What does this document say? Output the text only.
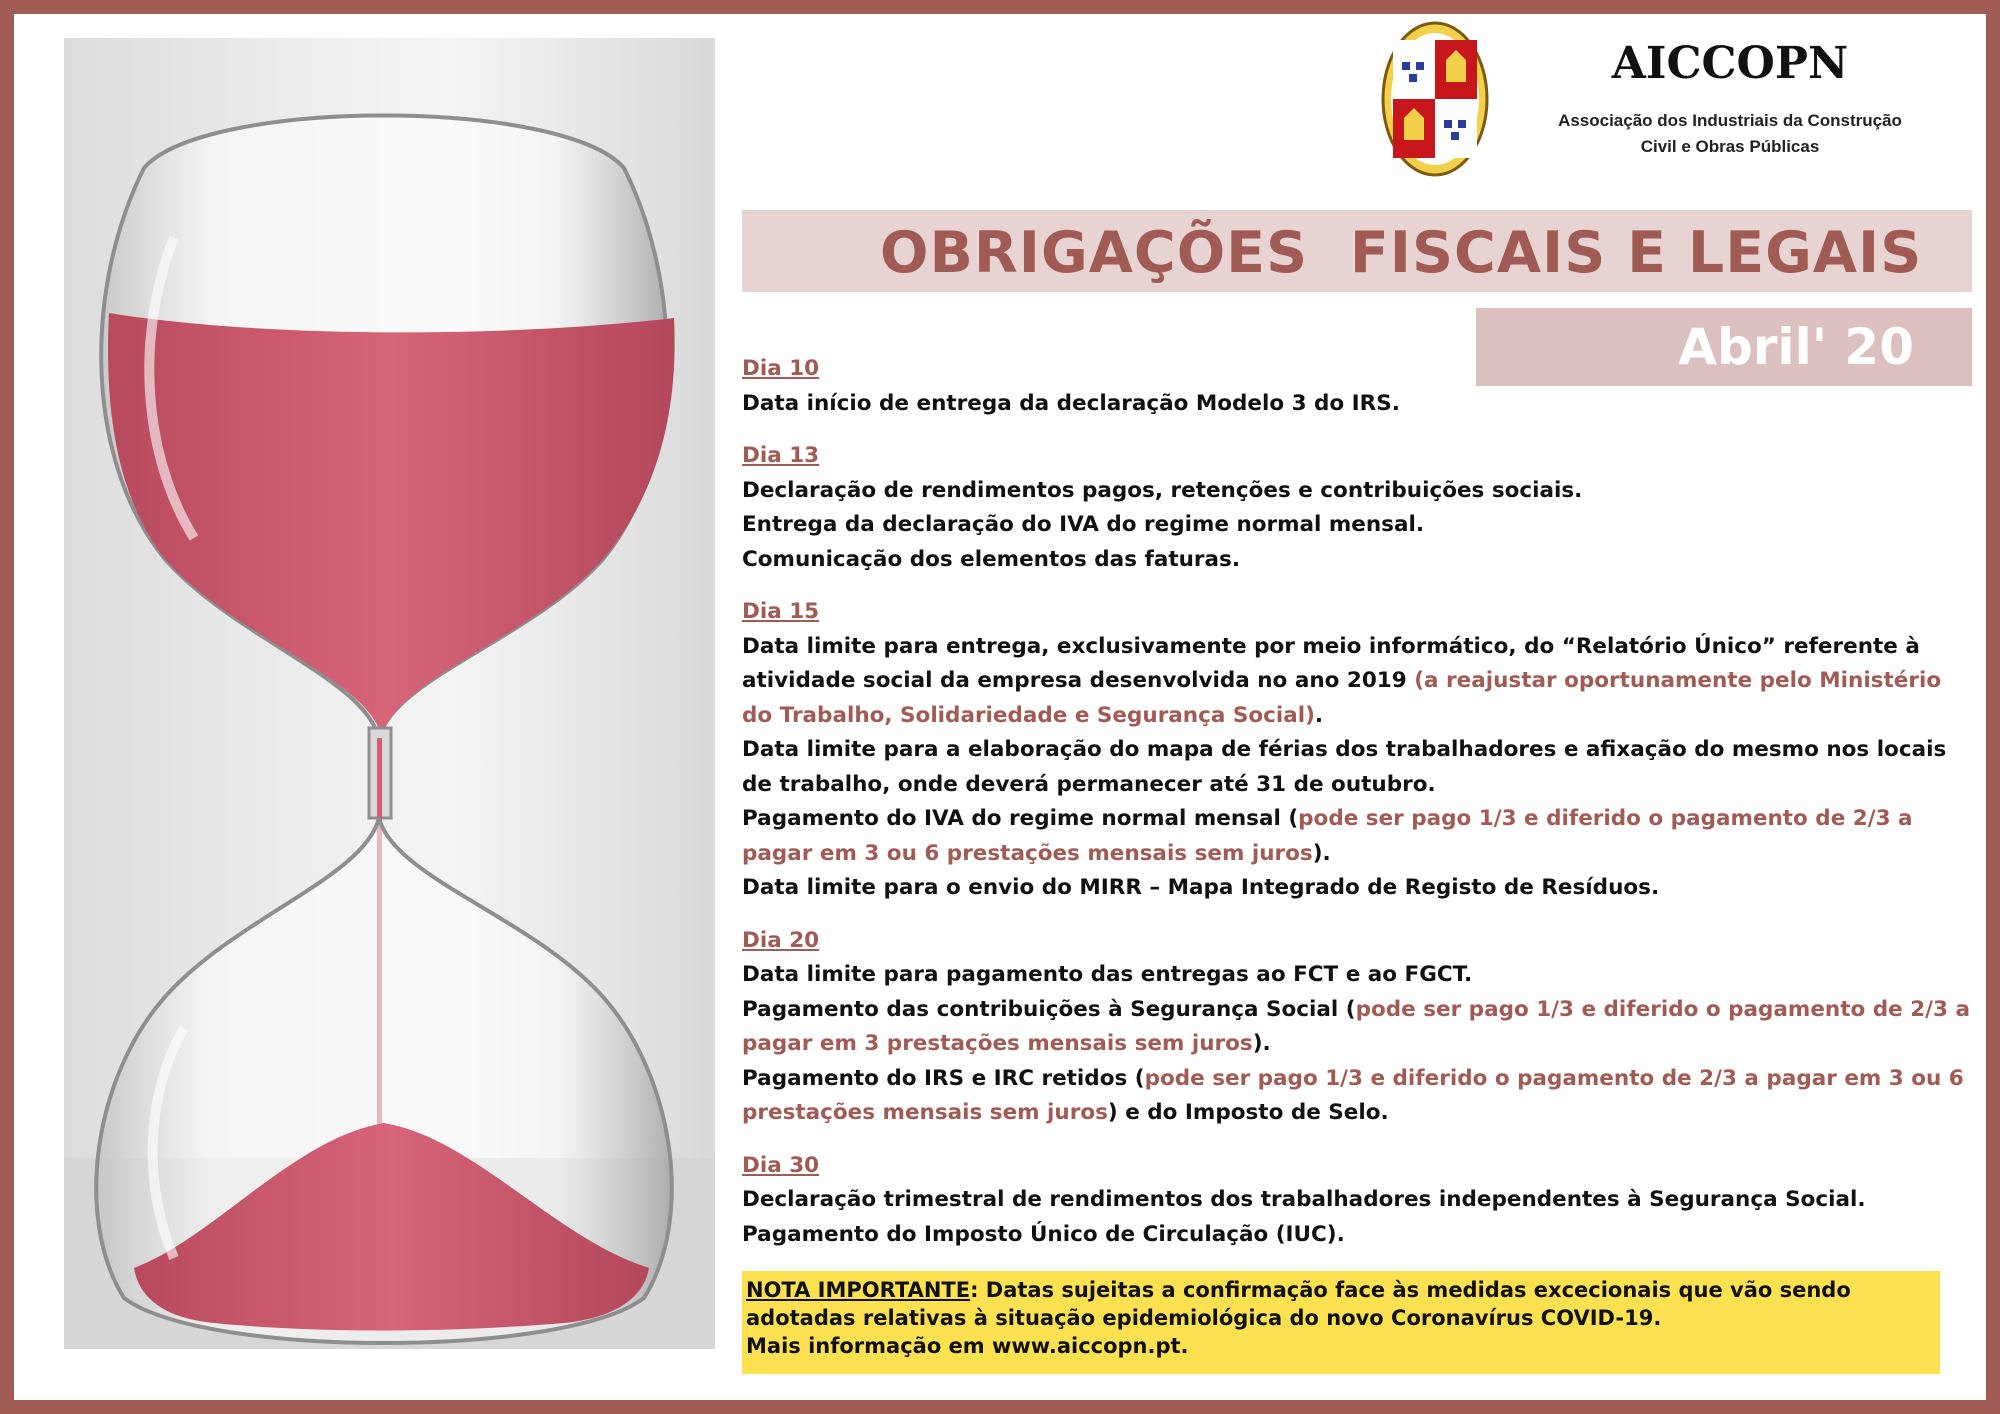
AICCOPN
Associação dos Industriais da Construção
Civil e Obras Públicas
OBRIGAÇÕES  FISCAIS E LEGAIS
Abril' 20
Dia 10
Data início de entrega da declaração Modelo 3 do IRS.
Dia 13
Declaração de rendimentos pagos, retenções e contribuições sociais.
Entrega da declaração do IVA do regime normal mensal.
Comunicação dos elementos das faturas.
Dia 15
Data limite para entrega, exclusivamente por meio informático, do “Relatório Único” referente à atividade social da empresa desenvolvida no ano 2019 (a reajustar oportunamente pelo Ministério do Trabalho, Solidariedade e Segurança Social).
Data limite para a elaboração do mapa de férias dos trabalhadores e afixação do mesmo nos locais de trabalho, onde deverá permanecer até 31 de outubro.
Pagamento do IVA do regime normal mensal (pode ser pago 1/3 e diferido o pagamento de 2/3 a pagar em 3 ou 6 prestações mensais sem juros).
Data limite para o envio do MIRR – Mapa Integrado de Registo de Resíduos.
Dia 20
Data limite para pagamento das entregas ao FCT e ao FGCT.
Pagamento das contribuições à Segurança Social (pode ser pago 1/3 e diferido o pagamento de 2/3 a pagar em 3 prestações mensais sem juros).
Pagamento do IRS e IRC retidos (pode ser pago 1/3 e diferido o pagamento de 2/3 a pagar em 3 ou 6 prestações mensais sem juros) e do Imposto de Selo.
Dia 30
Declaração trimestral de rendimentos dos trabalhadores independentes à Segurança Social.
Pagamento do Imposto Único de Circulação (IUC).
NOTA IMPORTANTE: Datas sujeitas a confirmação face às medidas excecionais que vão sendo adotadas relativas à situação epidemiológica do novo Coronavírus COVID-19.
Mais informação em www.aiccopn.pt.
